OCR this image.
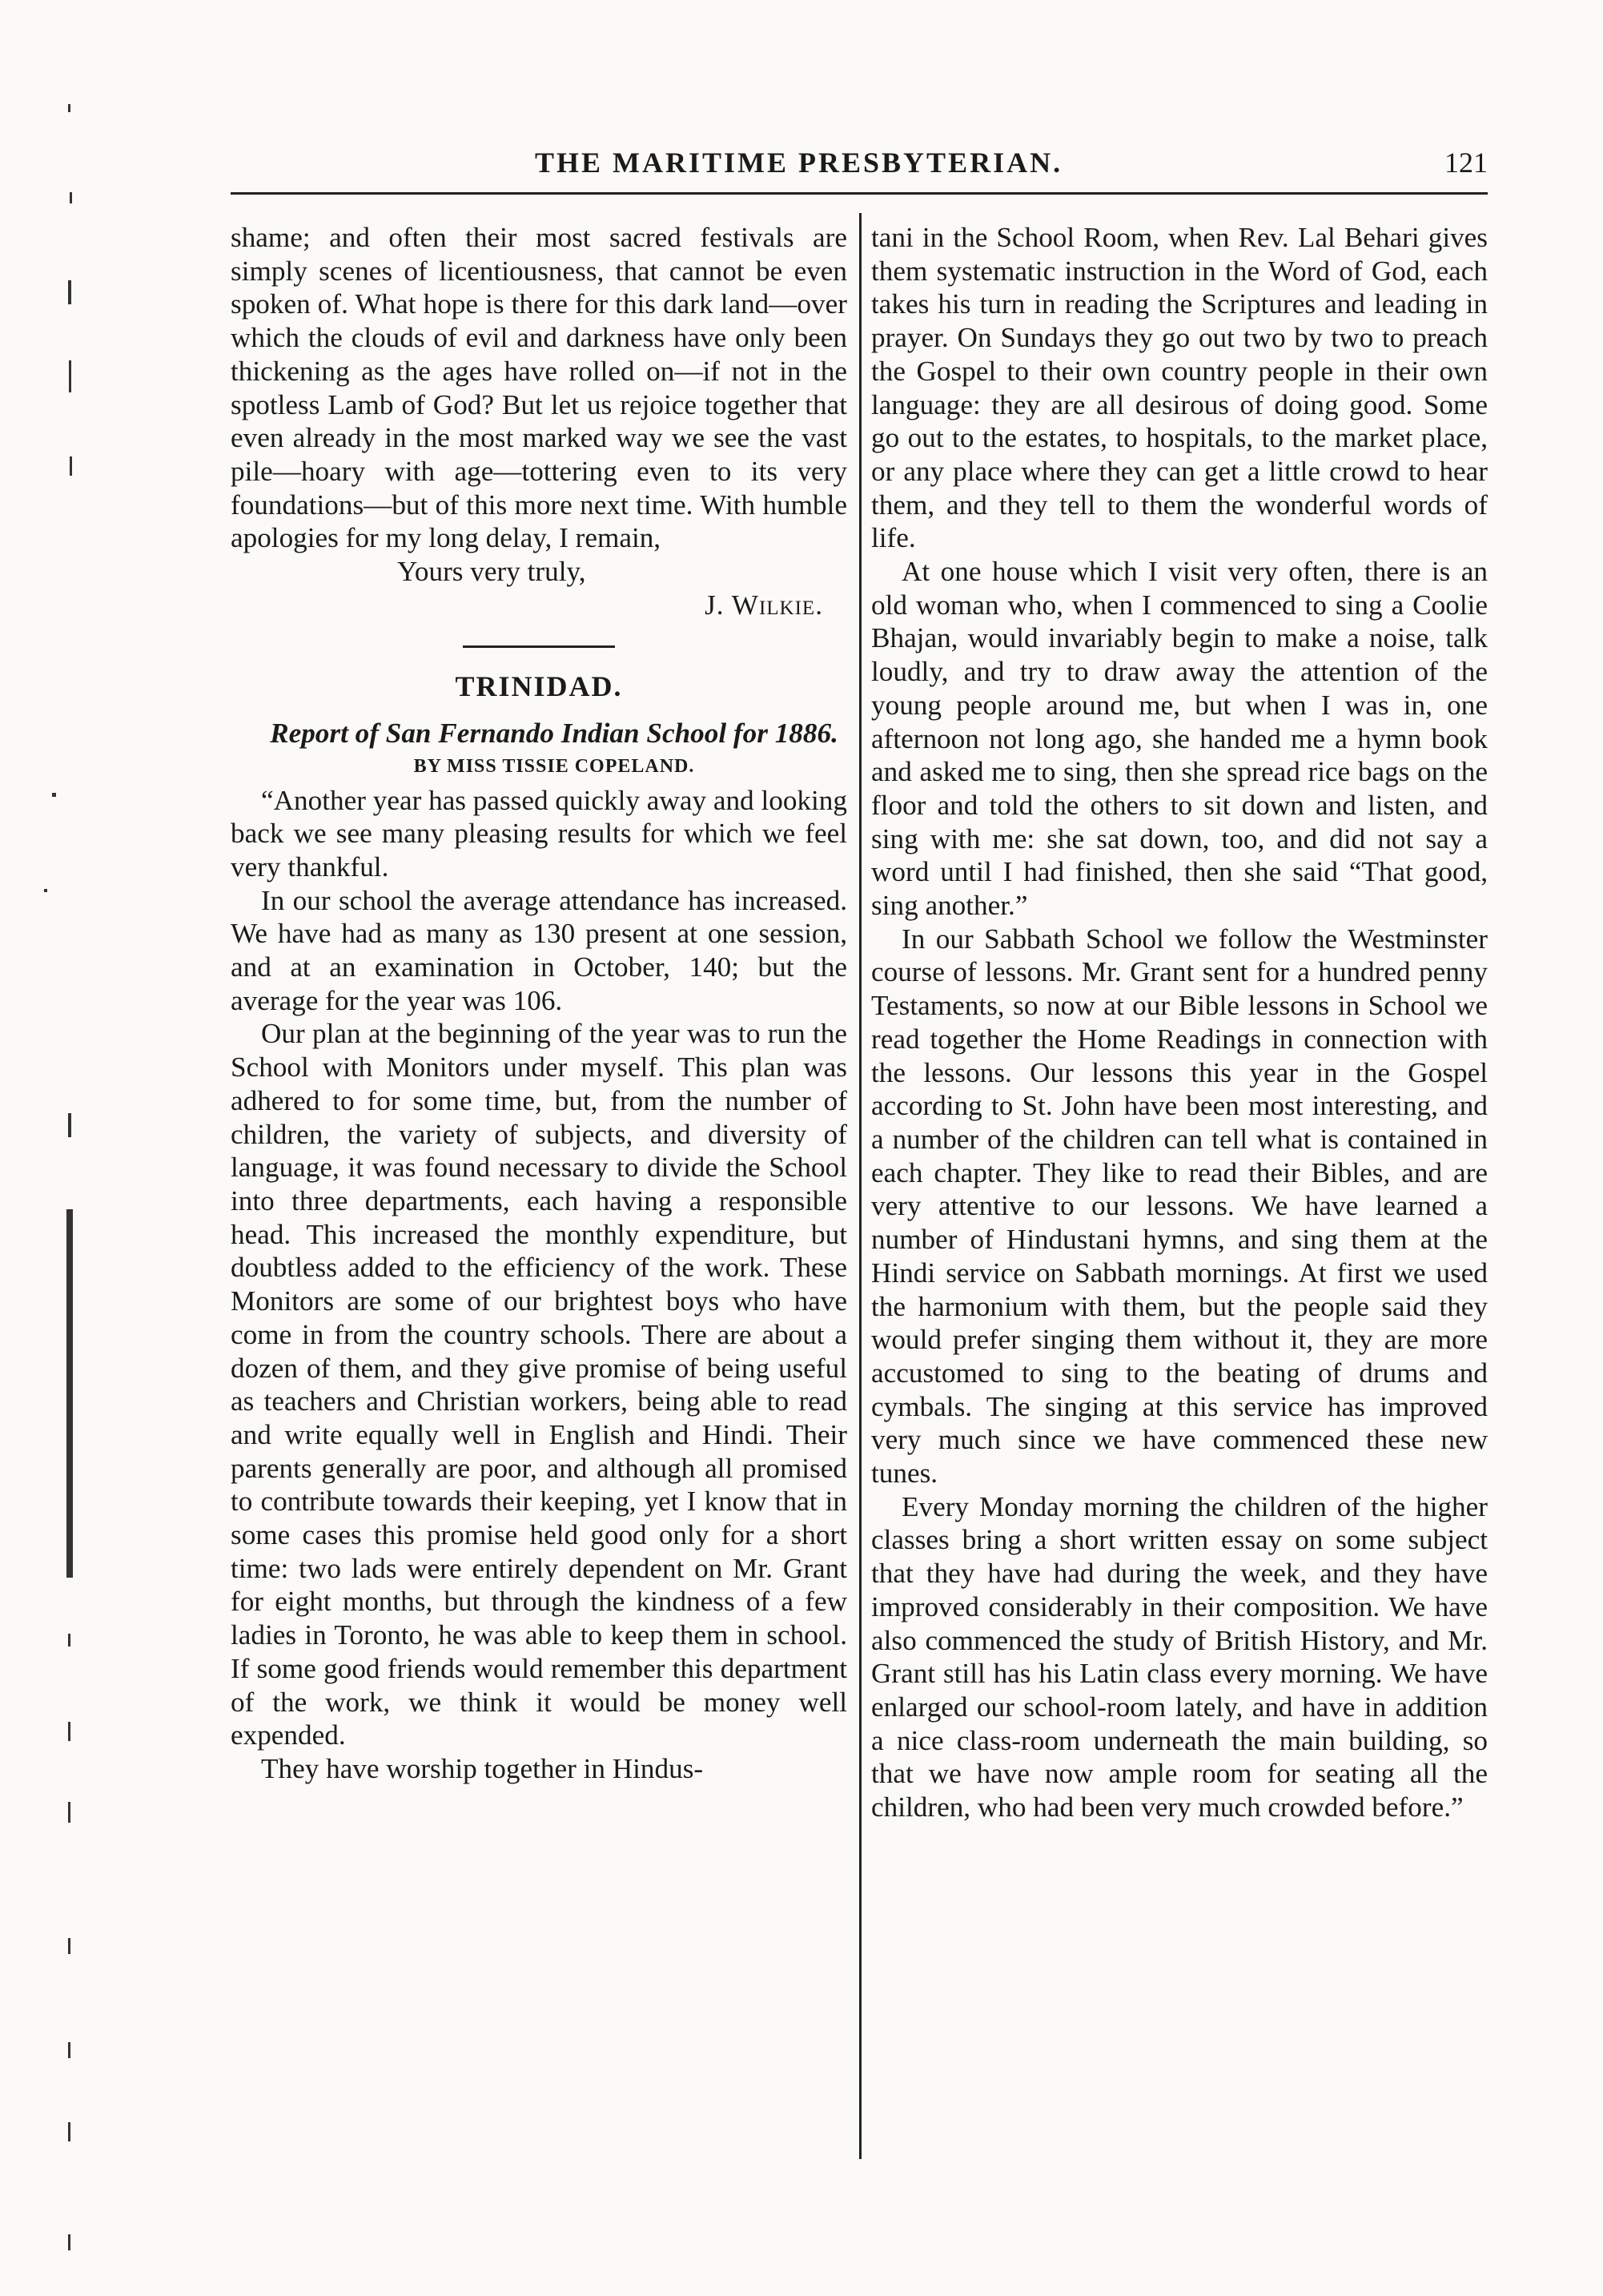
THE MARITIME PRESBYTERIAN.	121

shame; and often their most sacred festivals are simply scenes of licentiousness, that cannot be even spoken of. What hope is there for this dark land—over which the clouds of evil and darkness have only been thickening as the ages have rolled on—if not in the spotless Lamb of God? But let us rejoice together that even already in the most marked way we see the vast pile—hoary with age—tottering even to its very foundations—but of this more next time. With humble apologies for my long delay, I remain,

Yours very truly,

J. Wilkie.

TRINIDAD.

Report of San Fernando Indian School for 1886.

BY MISS TISSIE COPELAND.

“Another year has passed quickly away and looking back we see many pleasing results for which we feel very thankful.

In our school the average attendance has increased. We have had as many as 130 present at one session, and at an examination in October, 140; but the average for the year was 106.

Our plan at the beginning of the year was to run the School with Monitors under myself. This plan was adhered to for some time, but, from the number of children, the variety of subjects, and diversity of language, it was found necessary to divide the School into three departments, each having a responsible head. This increased the monthly expenditure, but doubtless added to the efficiency of the work. These Monitors are some of our brightest boys who have come in from the country schools. There are about a dozen of them, and they give promise of being useful as teachers and Christian workers, being able to read and write equally well in English and Hindi. Their parents generally are poor, and although all promised to contribute towards their keeping, yet I know that in some cases this promise held good only for a short time: two lads were entirely dependent on Mr. Grant for eight months, but through the kindness of a few ladies in Toronto, he was able to keep them in school. If some good friends would remember this department of the work, we think it would be money well expended.

They have worship together in Hindus-

tani in the School Room, when Rev. Lal Behari gives them systematic instruction in the Word of God, each takes his turn in reading the Scriptures and leading in prayer. On Sundays they go out two by two to preach the Gospel to their own country people in their own language: they are all desirous of doing good. Some go out to the estates, to hospitals, to the market place, or any place where they can get a little crowd to hear them, and they tell to them the wonderful words of life.

At one house which I visit very often, there is an old woman who, when I commenced to sing a Coolie Bhajan, would invariably begin to make a noise, talk loudly, and try to draw away the attention of the young people around me, but when I was in, one afternoon not long ago, she handed me a hymn book and asked me to sing, then she spread rice bags on the floor and told the others to sit down and listen, and sing with me: she sat down, too, and did not say a word until I had finished, then she said “That good, sing another.”

In our Sabbath School we follow the Westminster course of lessons. Mr. Grant sent for a hundred penny Testaments, so now at our Bible lessons in School we read together the Home Readings in connection with the lessons. Our lessons this year in the Gospel according to St. John have been most interesting, and a number of the children can tell what is contained in each chapter. They like to read their Bibles, and are very attentive to our lessons. We have learned a number of Hindustani hymns, and sing them at the Hindi service on Sabbath mornings. At first we used the harmonium with them, but the people said they would prefer singing them without it, they are more accustomed to sing to the beating of drums and cymbals. The singing at this service has improved very much since we have commenced these new tunes.

Every Monday morning the children of the higher classes bring a short written essay on some subject that they have had during the week, and they have improved considerably in their composition. We have also commenced the study of British History, and Mr. Grant still has his Latin class every morning. We have enlarged our school-room lately, and have in addition a nice class-room underneath the main building, so that we have now ample room for seating all the children, who had been very much crowded before.”
